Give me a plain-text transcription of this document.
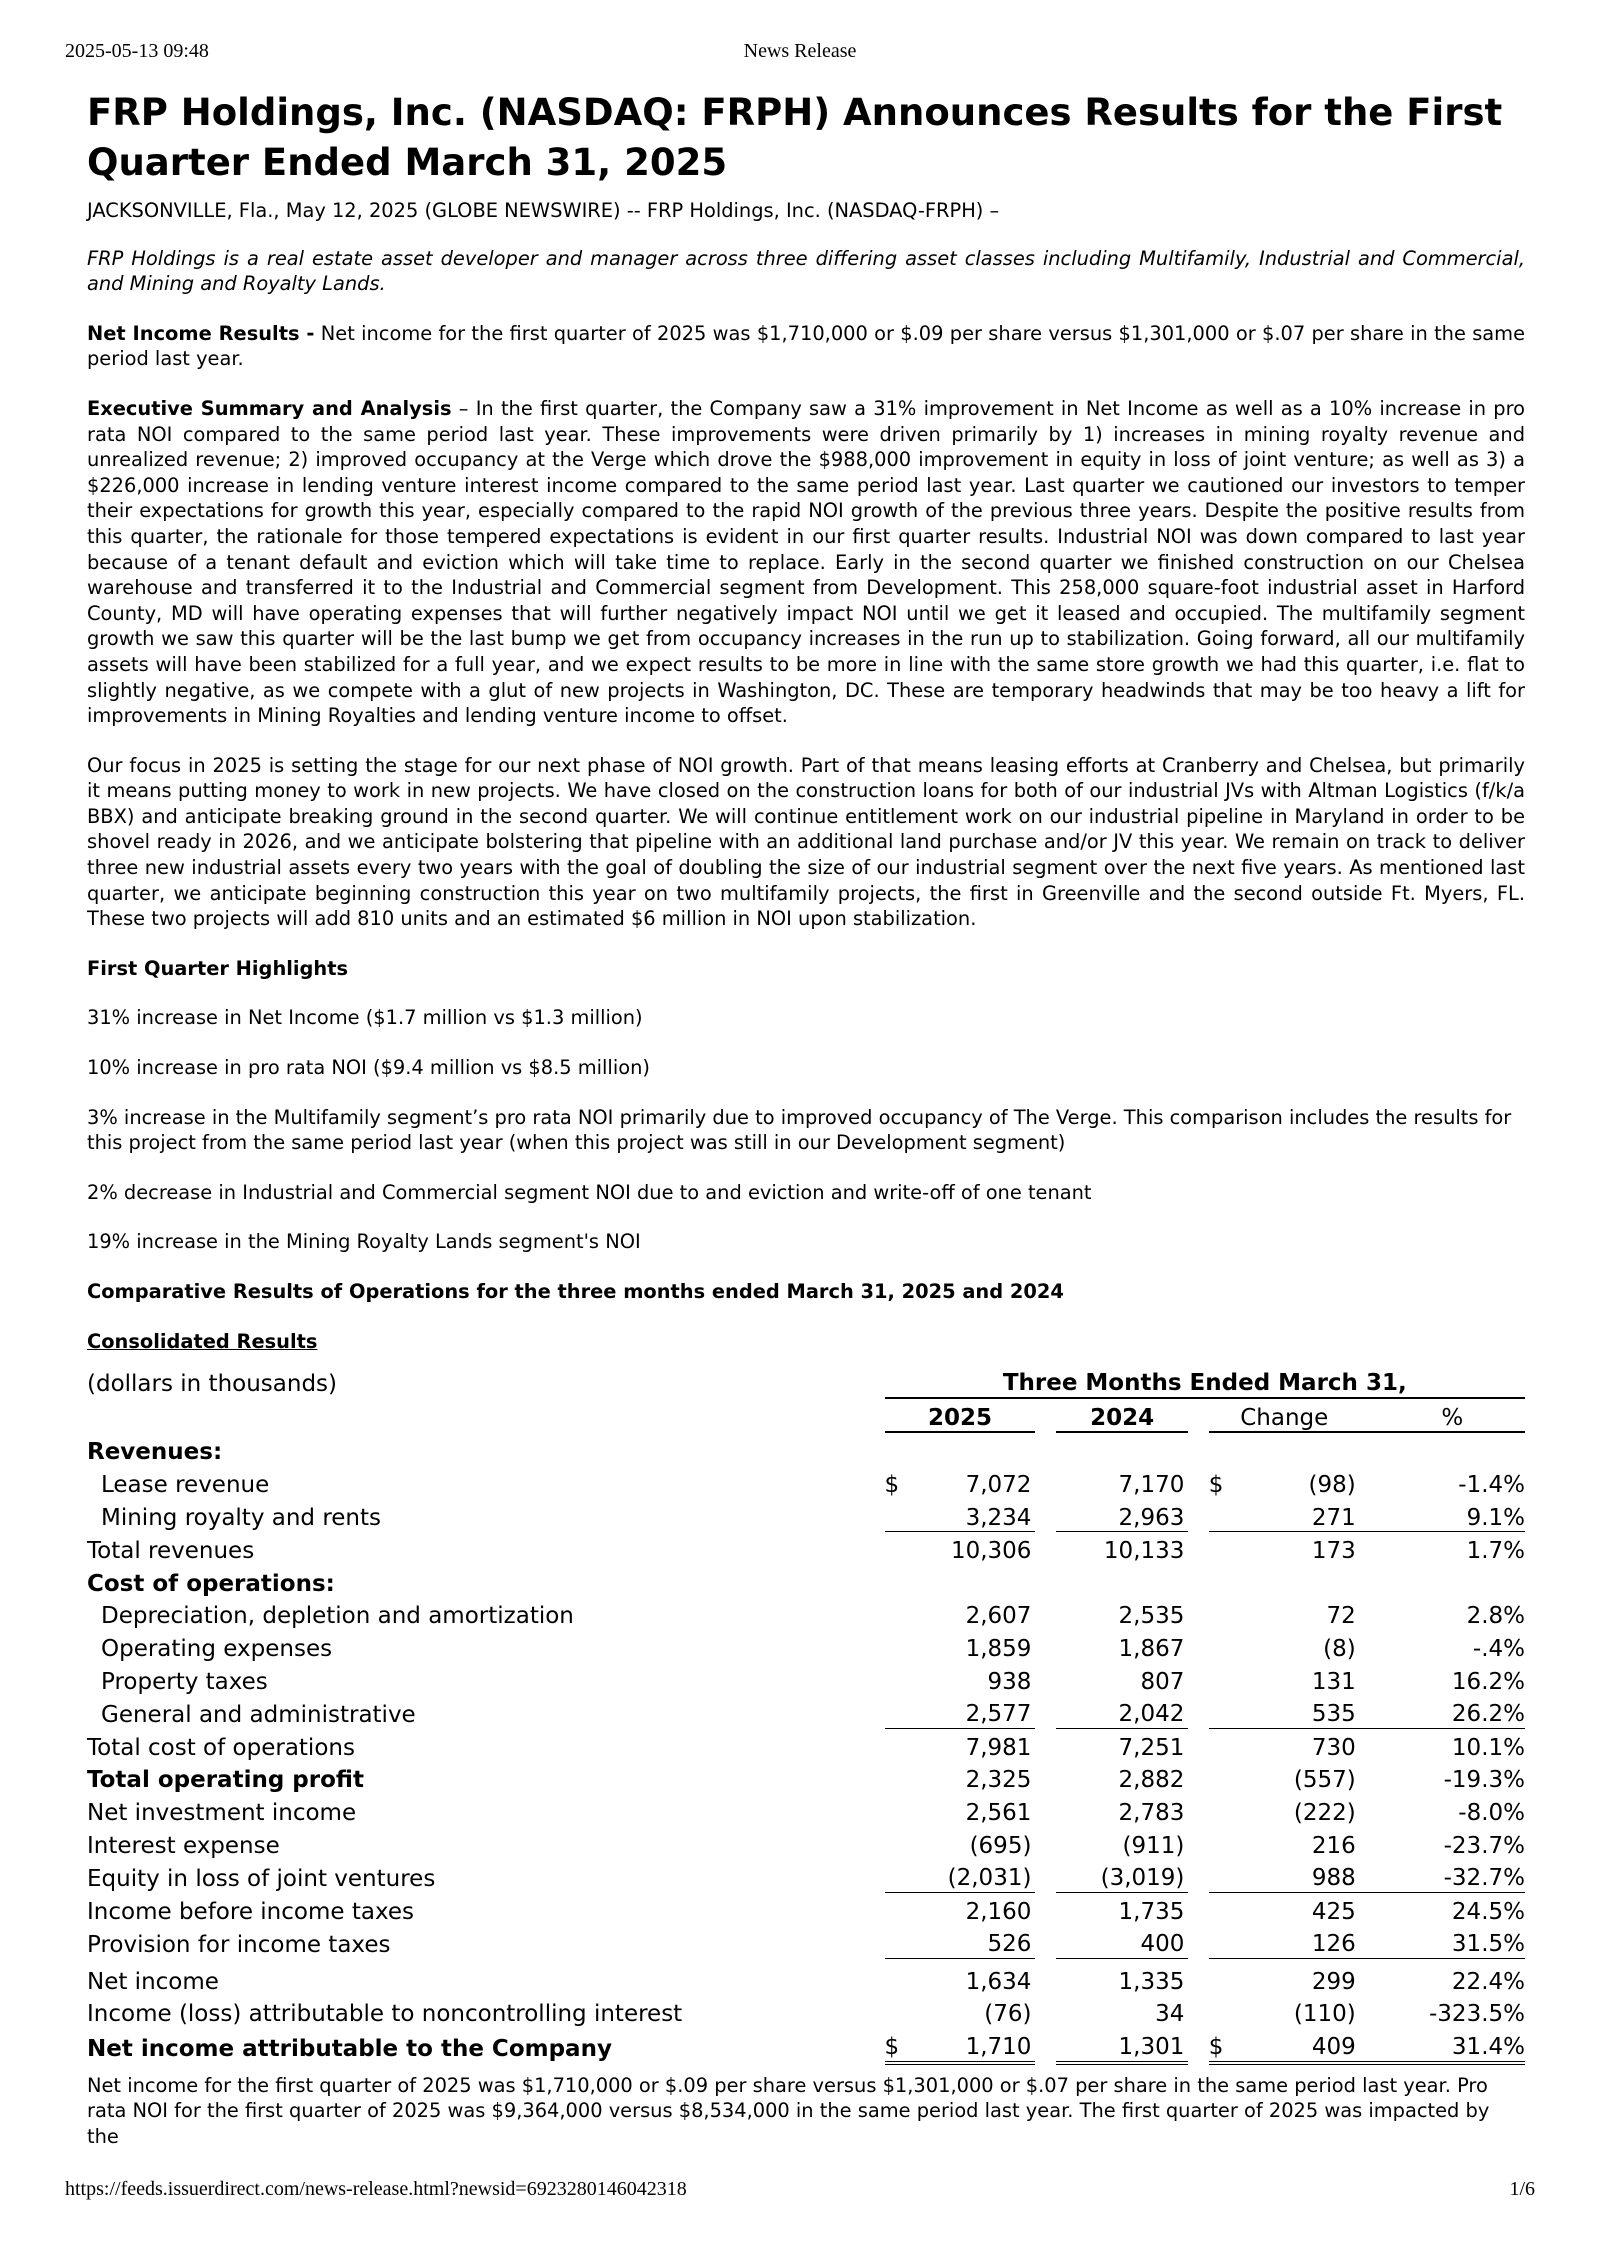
2025-05-13 09:48	News Release
FRP Holdings, Inc. (NASDAQ: FRPH) Announces Results for the First Quarter Ended March 31, 2025

JACKSONVILLE, Fla., May 12, 2025 (GLOBE NEWSWIRE) -- FRP Holdings, Inc. (NASDAQ-FRPH) –

FRP Holdings is a real estate asset developer and manager across three differing asset classes including Multifamily, Industrial and Commercial, and Mining and Royalty Lands.

Net Income Results - Net income for the first quarter of 2025 was $1,710,000 or $.09 per share versus $1,301,000 or $.07 per share in the same period last year.

Executive Summary and Analysis – In the first quarter, the Company saw a 31% improvement in Net Income as well as a 10% increase in pro rata NOI compared to the same period last year. These improvements were driven primarily by 1) increases in mining royalty revenue and unrealized revenue; 2) improved occupancy at the Verge which drove the $988,000 improvement in equity in loss of joint venture; as well as 3) a $226,000 increase in lending venture interest income compared to the same period last year. Last quarter we cautioned our investors to temper their expectations for growth this year, especially compared to the rapid NOI growth of the previous three years. Despite the positive results from this quarter, the rationale for those tempered expectations is evident in our first quarter results. Industrial NOI was down compared to last year because of a tenant default and eviction which will take time to replace. Early in the second quarter we finished construction on our Chelsea warehouse and transferred it to the Industrial and Commercial segment from Development. This 258,000 square-foot industrial asset in Harford County, MD will have operating expenses that will further negatively impact NOI until we get it leased and occupied. The multifamily segment growth we saw this quarter will be the last bump we get from occupancy increases in the run up to stabilization. Going forward, all our multifamily assets will have been stabilized for a full year, and we expect results to be more in line with the same store growth we had this quarter, i.e. flat to slightly negative, as we compete with a glut of new projects in Washington, DC. These are temporary headwinds that may be too heavy a lift for improvements in Mining Royalties and lending venture income to offset.

Our focus in 2025 is setting the stage for our next phase of NOI growth. Part of that means leasing efforts at Cranberry and Chelsea, but primarily it means putting money to work in new projects. We have closed on the construction loans for both of our industrial JVs with Altman Logistics (f/k/a BBX) and anticipate breaking ground in the second quarter. We will continue entitlement work on our industrial pipeline in Maryland in order to be shovel ready in 2026, and we anticipate bolstering that pipeline with an additional land purchase and/or JV this year. We remain on track to deliver three new industrial assets every two years with the goal of doubling the size of our industrial segment over the next five years. As mentioned last quarter, we anticipate beginning construction this year on two multifamily projects, the first in Greenville and the second outside Ft. Myers, FL. These two projects will add 810 units and an estimated $6 million in NOI upon stabilization.

First Quarter Highlights

31% increase in Net Income ($1.7 million vs $1.3 million)

10% increase in pro rata NOI ($9.4 million vs $8.5 million)

3% increase in the Multifamily segment’s pro rata NOI primarily due to improved occupancy of The Verge. This comparison includes the results for this project from the same period last year (when this project was still in our Development segment)

2% decrease in Industrial and Commercial segment NOI due to and eviction and write-off of one tenant

19% increase in the Mining Royalty Lands segment's NOI

Comparative Results of Operations for the three months ended March 31, 2025 and 2024

Consolidated Results

(dollars in thousands)	Three Months Ended March 31,							
	2025			2024		Change		%
Revenues:								
Lease revenue	$	7,072		7,170		$	(98)	-1.4%
Mining royalty and rents		3,234		2,963			271	9.1%
Total revenues		10,306		10,133			173	1.7%
Cost of operations:								
Depreciation, depletion and amortization		2,607		2,535			72	2.8%
Operating expenses		1,859		1,867			(8)	-.4%
Property taxes		938		807			131	16.2%
General and administrative		2,577		2,042			535	26.2%
Total cost of operations		7,981		7,251			730	10.1%
Total operating profit		2,325		2,882			(557)	-19.3%
Net investment income		2,561		2,783			(222)	-8.0%
Interest expense		(695)		(911)			216	-23.7%
Equity in loss of joint ventures		(2,031)		(3,019)			988	-32.7%
Income before income taxes		2,160		1,735			425	24.5%
Provision for income taxes		526		400			126	31.5%

Net income		1,634		1,335			299	22.4%
Income (loss) attributable to noncontrolling interest		(76)		34			(110)	-323.5%
Net income attributable to the Company	$	1,710		1,301		$	409	31.4%

Net income for the first quarter of 2025 was $1,710,000 or $.09 per share versus $1,301,000 or $.07 per share in the same period last year. Pro rata NOI for the first quarter of 2025 was $9,364,000 versus $8,534,000 in the same period last year. The first quarter of 2025 was impacted by the

https://feeds.issuerdirect.com/news-release.html?newsid=6923280146042318	1/6
